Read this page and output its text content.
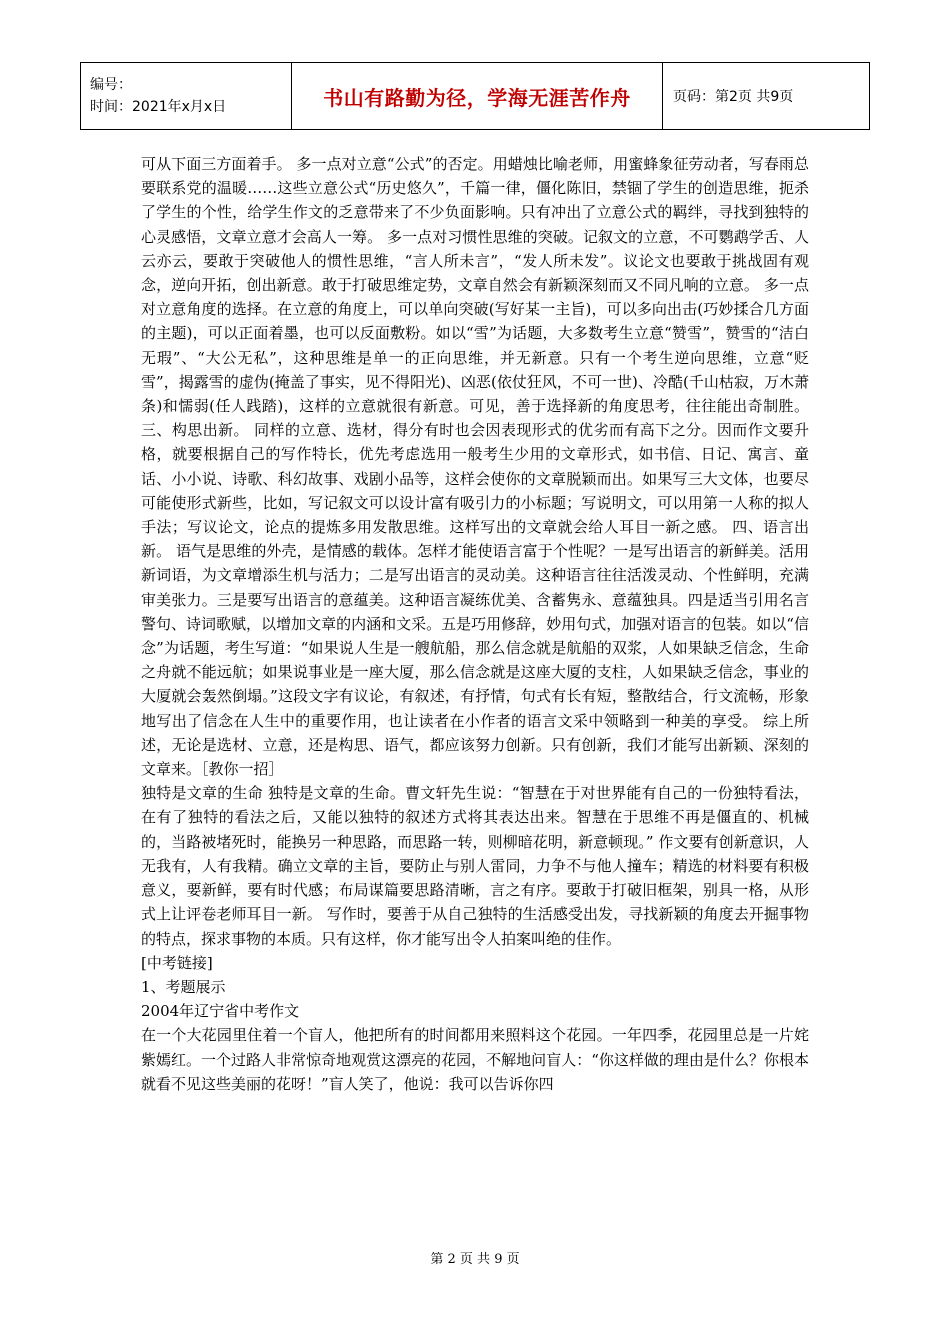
编号：
时间：2021年x月x日	书山有路勤为径，学海无涯苦作舟	页码：第2页 共9页

可从下面三方面着手。 多一点对立意“公式”的否定。用蜡烛比喻老师，用蜜蜂象征劳动者，写春雨总要联系党的温暖……这些立意公式“历史悠久”，千篇一律，僵化陈旧，禁锢了学生的创造思维，扼杀了学生的个性，给学生作文的乏意带来了不少负面影响。只有冲出了立意公式的羁绊，寻找到独特的心灵感悟，文章立意才会高人一筹。 多一点对习惯性思维的突破。记叙文的立意，不可鹦鹉学舌、人云亦云，要敢于突破他人的惯性思维，“言人所未言”，“发人所未发”。议论文也要敢于挑战固有观念，逆向开拓，创出新意。敢于打破思维定势，文章自然会有新颖深刻而又不同凡响的立意。 多一点对立意角度的选择。在立意的角度上，可以单向突破(写好某一主旨)，可以多向出击(巧妙揉合几方面的主题)，可以正面着墨，也可以反面敷粉。如以“雪”为话题，大多数考生立意“赞雪”，赞雪的“洁白无瑕”、“大公无私”，这种思维是单一的正向思维，并无新意。只有一个考生逆向思维，立意“贬雪”，揭露雪的虚伪(掩盖了事实，见不得阳光)、凶恶(依仗狂风，不可一世)、冷酷(千山枯寂，万木萧条)和懦弱(任人践踏)，这样的立意就很有新意。可见，善于选择新的角度思考，往往能出奇制胜。 三、构思出新。 同样的立意、选材，得分有时也会因表现形式的优劣而有高下之分。因而作文要升格，就要根据自己的写作特长，优先考虑选用一般考生少用的文章形式，如书信、日记、寓言、童话、小小说、诗歌、科幻故事、戏剧小品等，这样会使你的文章脱颖而出。如果写三大文体，也要尽可能使形式新些，比如，写记叙文可以设计富有吸引力的小标题；写说明文，可以用第一人称的拟人手法；写议论文，论点的提炼多用发散思维。这样写出的文章就会给人耳目一新之感。 四、语言出新。 语气是思维的外壳，是情感的载体。怎样才能使语言富于个性呢？一是写出语言的新鲜美。活用新词语，为文章增添生机与活力；二是写出语言的灵动美。这种语言往往活泼灵动、个性鲜明，充满审美张力。三是要写出语言的意蕴美。这种语言凝练优美、含蓄隽永、意蕴独具。四是适当引用名言警句、诗词歌赋，以增加文章的内涵和文采。五是巧用修辞，妙用句式，加强对语言的包装。如以“信念”为话题，考生写道：“如果说人生是一艘航船，那么信念就是航船的双浆，人如果缺乏信念，生命之舟就不能远航；如果说事业是一座大厦，那么信念就是这座大厦的支柱，人如果缺乏信念，事业的大厦就会轰然倒塌。”这段文字有议论，有叙述，有抒情，句式有长有短，整散结合，行文流畅，形象地写出了信念在人生中的重要作用，也让读者在小作者的语言文采中领略到一种美的享受。 综上所述，无论是选材、立意，还是构思、语气，都应该努力创新。只有创新，我们才能写出新颖、深刻的文章来。［教你一招］

独特是文章的生命 独特是文章的生命。曹文轩先生说：“智慧在于对世界能有自己的一份独特看法，在有了独特的看法之后，又能以独特的叙述方式将其表达出来。智慧在于思维不再是僵直的、机械的，当路被堵死时，能换另一种思路，而思路一转，则柳暗花明，新意顿现。” 作文要有创新意识，人无我有，人有我精。确立文章的主旨，要防止与别人雷同，力争不与他人撞车；精选的材料要有积极意义，要新鲜，要有时代感；布局谋篇要思路清晰，言之有序。要敢于打破旧框架，别具一格，从形式上让评卷老师耳目一新。 写作时，要善于从自己独特的生活感受出发，寻找新颖的角度去开掘事物的特点，探求事物的本质。只有这样，你才能写出令人拍案叫绝的佳作。

[中考链接]

1、考题展示

2004年辽宁省中考作文

在一个大花园里住着一个盲人，他把所有的时间都用来照料这个花园。一年四季，花园里总是一片姹紫嫣红。一个过路人非常惊奇地观赏这漂亮的花园，不解地问盲人：“你这样做的理由是什么？你根本就看不见这些美丽的花呀！”盲人笑了，他说：我可以告诉你四

第 2 页 共 9 页
